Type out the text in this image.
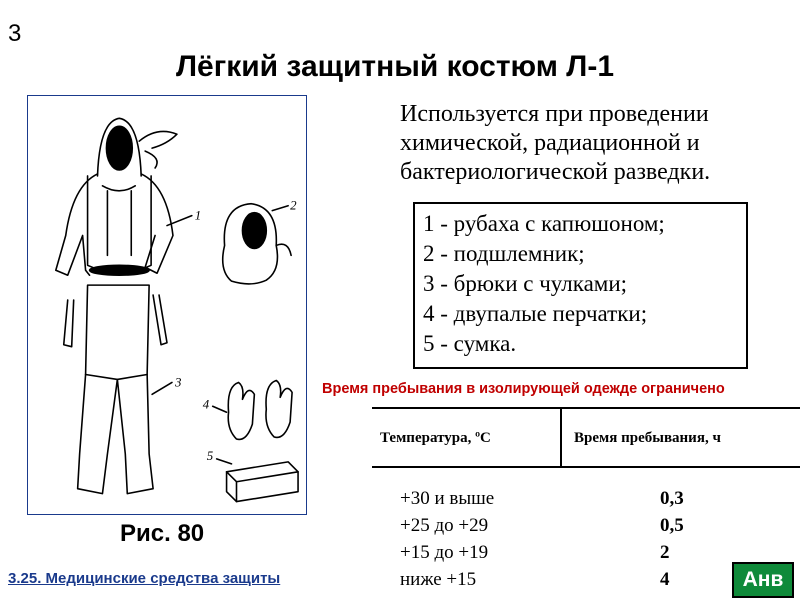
3
Лёгкий защитный костюм Л-1
1
2
3
4
5
Рис. 80
Используется при проведении химической, радиационной и бактериологической разведки.
1 - рубаха с капюшоном;
2 - подшлемник;
3 - брюки с чулками;
4 - двупалые перчатки;
5 - сумка.
Время пребывания в изолирующей одежде ограничено
Температура, ºС	Время пребывания, ч
+30 и выше	0,3
+25 до +29	0,5
+15 до +19	2
ниже +15	4
3.25. Медицинские средства защиты	Анв
